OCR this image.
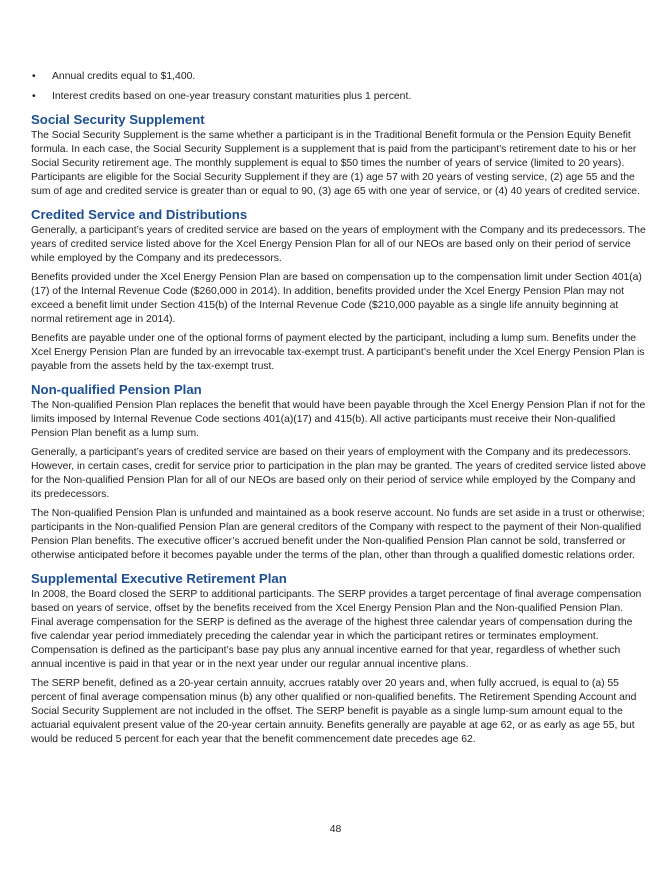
• Annual credits equal to $1,400.
• Interest credits based on one-year treasury constant maturities plus 1 percent.
Social Security Supplement

The Social Security Supplement is the same whether a participant is in the Traditional Benefit formula or the Pension Equity Benefit formula. In each case, the Social Security Supplement is a supplement that is paid from the participant’s retirement date to his or her Social Security retirement age. The monthly supplement is equal to $50 times the number of years of service (limited to 20 years). Participants are eligible for the Social Security Supplement if they are (1) age 57 with 20 years of vesting service, (2) age 55 and the sum of age and credited service is greater than or equal to 90, (3) age 65 with one year of service, or (4) 40 years of credited service.

Credited Service and Distributions

Generally, a participant’s years of credited service are based on the years of employment with the Company and its predecessors. The years of credited service listed above for the Xcel Energy Pension Plan for all of our NEOs are based only on their period of service while employed by the Company and its predecessors.

Benefits provided under the Xcel Energy Pension Plan are based on compensation up to the compensation limit under Section 401(a)(17) of the Internal Revenue Code ($260,000 in 2014). In addition, benefits provided under the Xcel Energy Pension Plan may not exceed a benefit limit under Section 415(b) of the Internal Revenue Code ($210,000 payable as a single life annuity beginning at normal retirement age in 2014).

Benefits are payable under one of the optional forms of payment elected by the participant, including a lump sum. Benefits under the Xcel Energy Pension Plan are funded by an irrevocable tax-exempt trust. A participant’s benefit under the Xcel Energy Pension Plan is payable from the assets held by the tax-exempt trust.

Non-qualified Pension Plan

The Non-qualified Pension Plan replaces the benefit that would have been payable through the Xcel Energy Pension Plan if not for the limits imposed by Internal Revenue Code sections 401(a)(17) and 415(b). All active participants must receive their Non-qualified Pension Plan benefit as a lump sum.

Generally, a participant’s years of credited service are based on their years of employment with the Company and its predecessors. However, in certain cases, credit for service prior to participation in the plan may be granted. The years of credited service listed above for the Non-qualified Pension Plan for all of our NEOs are based only on their period of service while employed by the Company and its predecessors.

The Non-qualified Pension Plan is unfunded and maintained as a book reserve account. No funds are set aside in a trust or otherwise; participants in the Non-qualified Pension Plan are general creditors of the Company with respect to the payment of their Non-qualified Pension Plan benefits. The executive officer’s accrued benefit under the Non-qualified Pension Plan cannot be sold, transferred or otherwise anticipated before it becomes payable under the terms of the plan, other than through a qualified domestic relations order.

Supplemental Executive Retirement Plan

In 2008, the Board closed the SERP to additional participants. The SERP provides a target percentage of final average compensation based on years of service, offset by the benefits received from the Xcel Energy Pension Plan and the Non-qualified Pension Plan. Final average compensation for the SERP is defined as the average of the highest three calendar years of compensation during the five calendar year period immediately preceding the calendar year in which the participant retires or terminates employment. Compensation is defined as the participant’s base pay plus any annual incentive earned for that year, regardless of whether such annual incentive is paid in that year or in the next year under our regular annual incentive plans.

The SERP benefit, defined as a 20-year certain annuity, accrues ratably over 20 years and, when fully accrued, is equal to (a) 55 percent of final average compensation minus (b) any other qualified or non-qualified benefits. The Retirement Spending Account and Social Security Supplement are not included in the offset. The SERP benefit is payable as a single lump-sum amount equal to the actuarial equivalent present value of the 20-year certain annuity. Benefits generally are payable at age 62, or as early as age 55, but would be reduced 5 percent for each year that the benefit commencement date precedes age 62.

48
